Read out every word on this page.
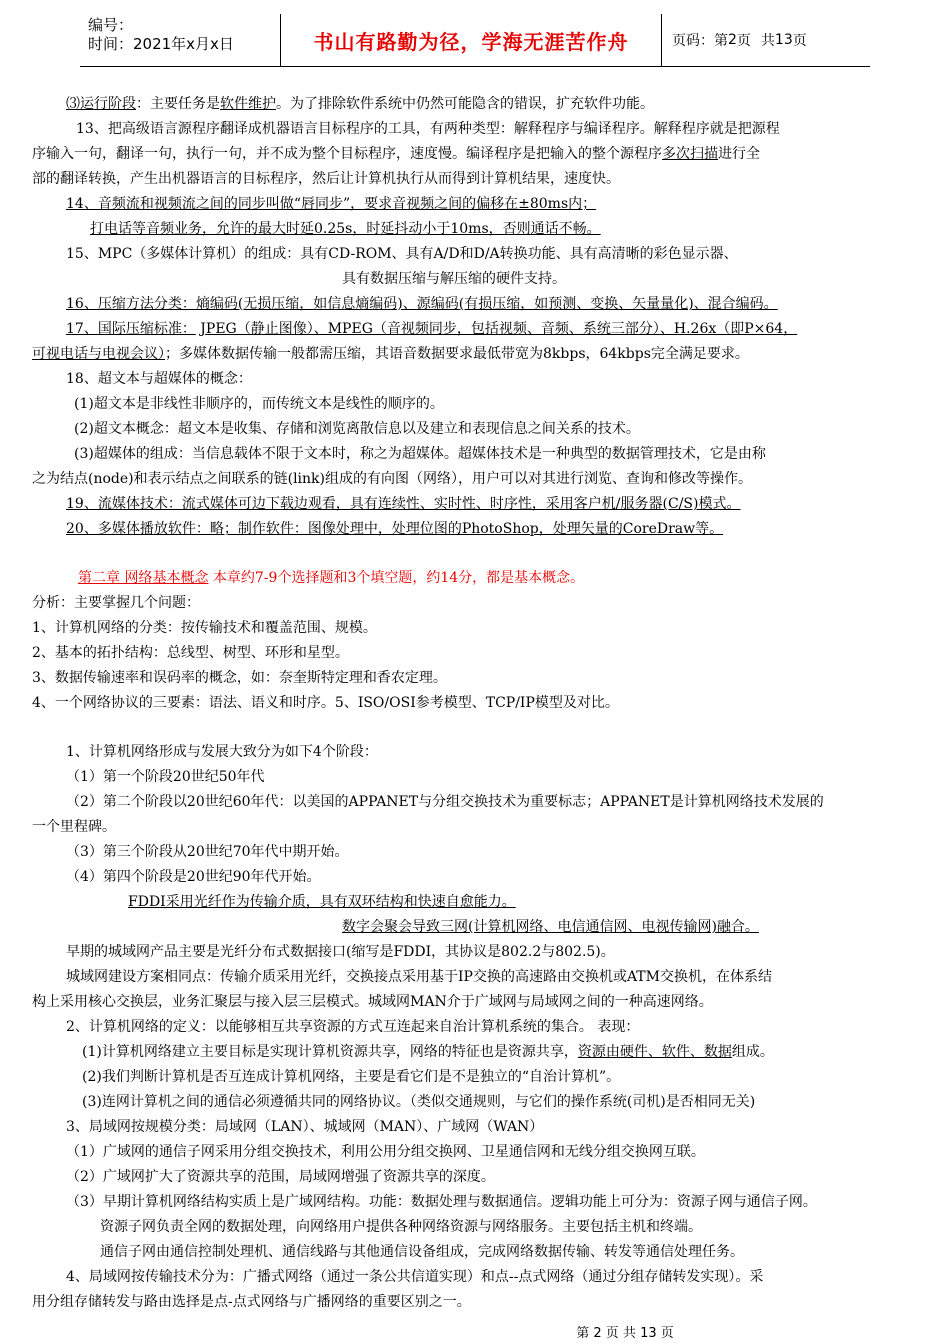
编号：
时间：2021年x月x日	书山有路勤为径，学海无涯苦作舟	页码：第 2 页 共 13 页
⑶运行阶段：主要任务是软件维护。为了排除软件系统中仍然可能隐含的错误，扩充软件功能。
13、把高级语言源程序翻译成机器语言目标程序的工具，有两种类型：解释程序与编译程序。解释程序就是把源程
序输入一句，翻译一句，执行一句，并不成为整个目标程序，速度慢。编译程序是把输入的整个源程序多次扫描进行全
部的翻译转换，产生出机器语言的目标程序，然后让计算机执行从而得到计算机结果，速度快。
14、音频流和视频流之间的同步叫做“唇同步”，要求音视频之间的偏移在±80ms内；
打电话等音频业务，允许的最大时延0.25s，时延抖动小于10ms，否则通话不畅。
15、MPC（多媒体计算机）的组成：具有CD-ROM、具有A/D和D/A转换功能、具有高清晰的彩色显示器、
具有数据压缩与解压缩的硬件支持。
16、压缩方法分类：熵编码(无损压缩，如信息熵编码)、源编码(有损压缩，如预测、变换、矢量量化)、混合编码。
17、国际压缩标准： JPEG（静止图像）、MPEG（音视频同步，包括视频、音频、系统三部分）、H.26x（即P×64，
可视电话与电视会议）；多媒体数据传输一般都需压缩，其语音数据要求最低带宽为8kbps，64kbps完全满足要求。
18、超文本与超媒体的概念：
(1)超文本是非线性非顺序的，而传统文本是线性的顺序的。
(2)超文本概念：超文本是收集、存储和浏览离散信息以及建立和表现信息之间关系的技术。
(3)超媒体的组成：当信息载体不限于文本时，称之为超媒体。超媒体技术是一种典型的数据管理技术，它是由称
之为结点(node)和表示结点之间联系的链(link)组成的有向图（网络），用户可以对其进行浏览、查询和修改等操作。
19、流媒体技术：流式媒体可边下载边观看，具有连续性、实时性、时序性，采用客户机/服务器(C/S)模式。
20、多媒体播放软件：略；制作软件：图像处理中，处理位图的PhotoShop，处理矢量的CoreDraw等。
第二章 网络基本概念 本章约7-9个选择题和3个填空题，约14分，都是基本概念。
分析：主要掌握几个问题：
1、计算机网络的分类：按传输技术和覆盖范围、规模。
2、基本的拓扑结构：总线型、树型、环形和星型。
3、数据传输速率和误码率的概念，如：奈奎斯特定理和香农定理。
4、一个网络协议的三要素：语法、语义和时序。5、ISO/OSI参考模型、TCP/IP模型及对比。
1、计算机网络形成与发展大致分为如下4个阶段：
（1）第一个阶段20世纪50年代
（2）第二个阶段以20世纪60年代：以美国的APPANET与分组交换技术为重要标志；APPANET是计算机网络技术发展的
一个里程碑。
（3）第三个阶段从20世纪70年代中期开始。
（4）第四个阶段是20世纪90年代开始。
FDDI采用光纤作为传输介质，具有双环结构和快速自愈能力。
数字会聚会导致三网(计算机网络、电信通信网、电视传输网)融合。
早期的城域网产品主要是光纤分布式数据接口(缩写是FDDI，其协议是802.2与802.5)。
城域网建设方案相同点：传输介质采用光纤，交换接点采用基于IP交换的高速路由交换机或ATM交换机，在体系结
构上采用核心交换层，业务汇聚层与接入层三层模式。城域网MAN介于广域网与局域网之间的一种高速网络。
2、计算机网络的定义：以能够相互共享资源的方式互连起来自治计算机系统的集合。 表现：
(1)计算机网络建立主要目标是实现计算机资源共享，网络的特征也是资源共享，资源由硬件、软件、数据组成。
(2)我们判断计算机是否互连成计算机网络，主要是看它们是不是独立的“自治计算机”。
(3)连网计算机之间的通信必须遵循共同的网络协议。（类似交通规则，与它们的操作系统(司机)是否相同无关)
3、局域网按规模分类：局域网（LAN）、城域网（MAN）、广域网（WAN）
（1）广域网的通信子网采用分组交换技术，利用公用分组交换网、卫星通信网和无线分组交换网互联。
（2）广域网扩大了资源共享的范围，局域网增强了资源共享的深度。
（3）早期计算机网络结构实质上是广域网结构。功能：数据处理与数据通信。逻辑功能上可分为：资源子网与通信子网。
资源子网负责全网的数据处理，向网络用户提供各种网络资源与网络服务。主要包括主机和终端。
通信子网由通信控制处理机、通信线路与其他通信设备组成，完成网络数据传输、转发等通信处理任务。
4、局域网按传输技术分为：广播式网络（通过一条公共信道实现）和点--点式网络（通过分组存储转发实现）。采
用分组存储转发与路由选择是点-点式网络与广播网络的重要区别之一。
第 2 页 共 13 页
